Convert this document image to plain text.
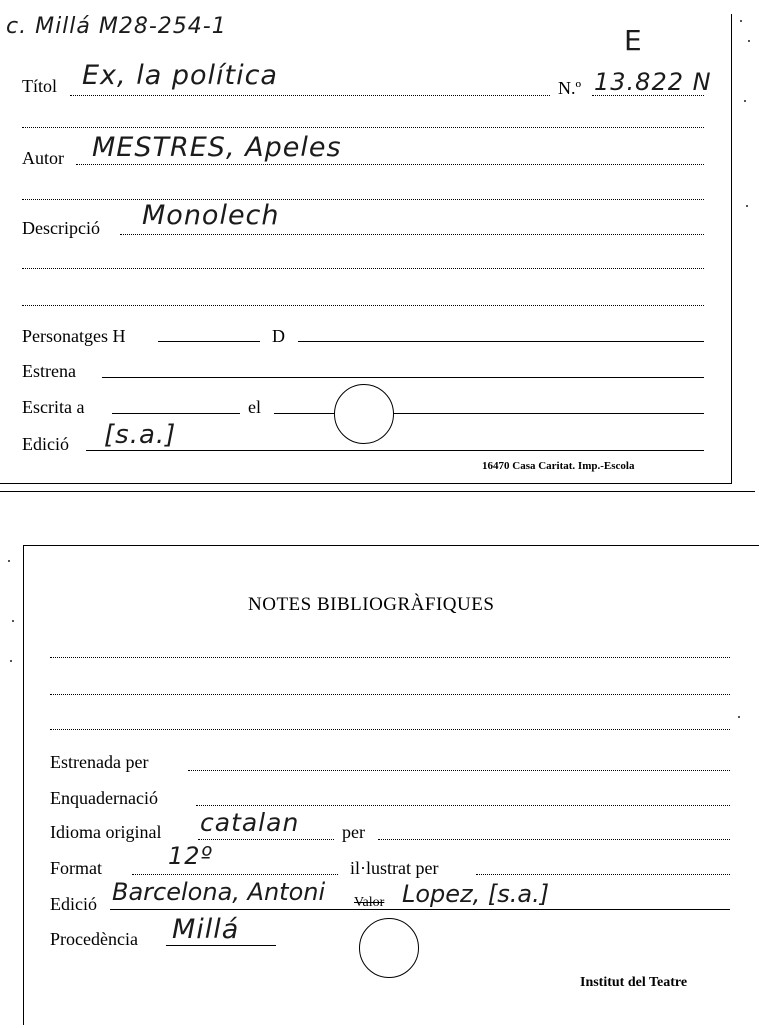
c. Millá M28-254-1	E
Títol Ex, la política	N.º 13.822 N
Autor MESTRES, Apeles
Descripció Monolech
Personatges H	D
Estrena
Escrita a	el
Edició [s.a.]
16470 Casa Caritat. Imp.-Escola
NOTES BIBLIOGRÀFIQUES
Estrenada per
Enquadernació
Idioma original catalan per
Format	12º	il·lustrat per
Edició Barcelona, Antoni Valor Lopez, [s.a.]
Procedència Millá
Institut del Teatre
